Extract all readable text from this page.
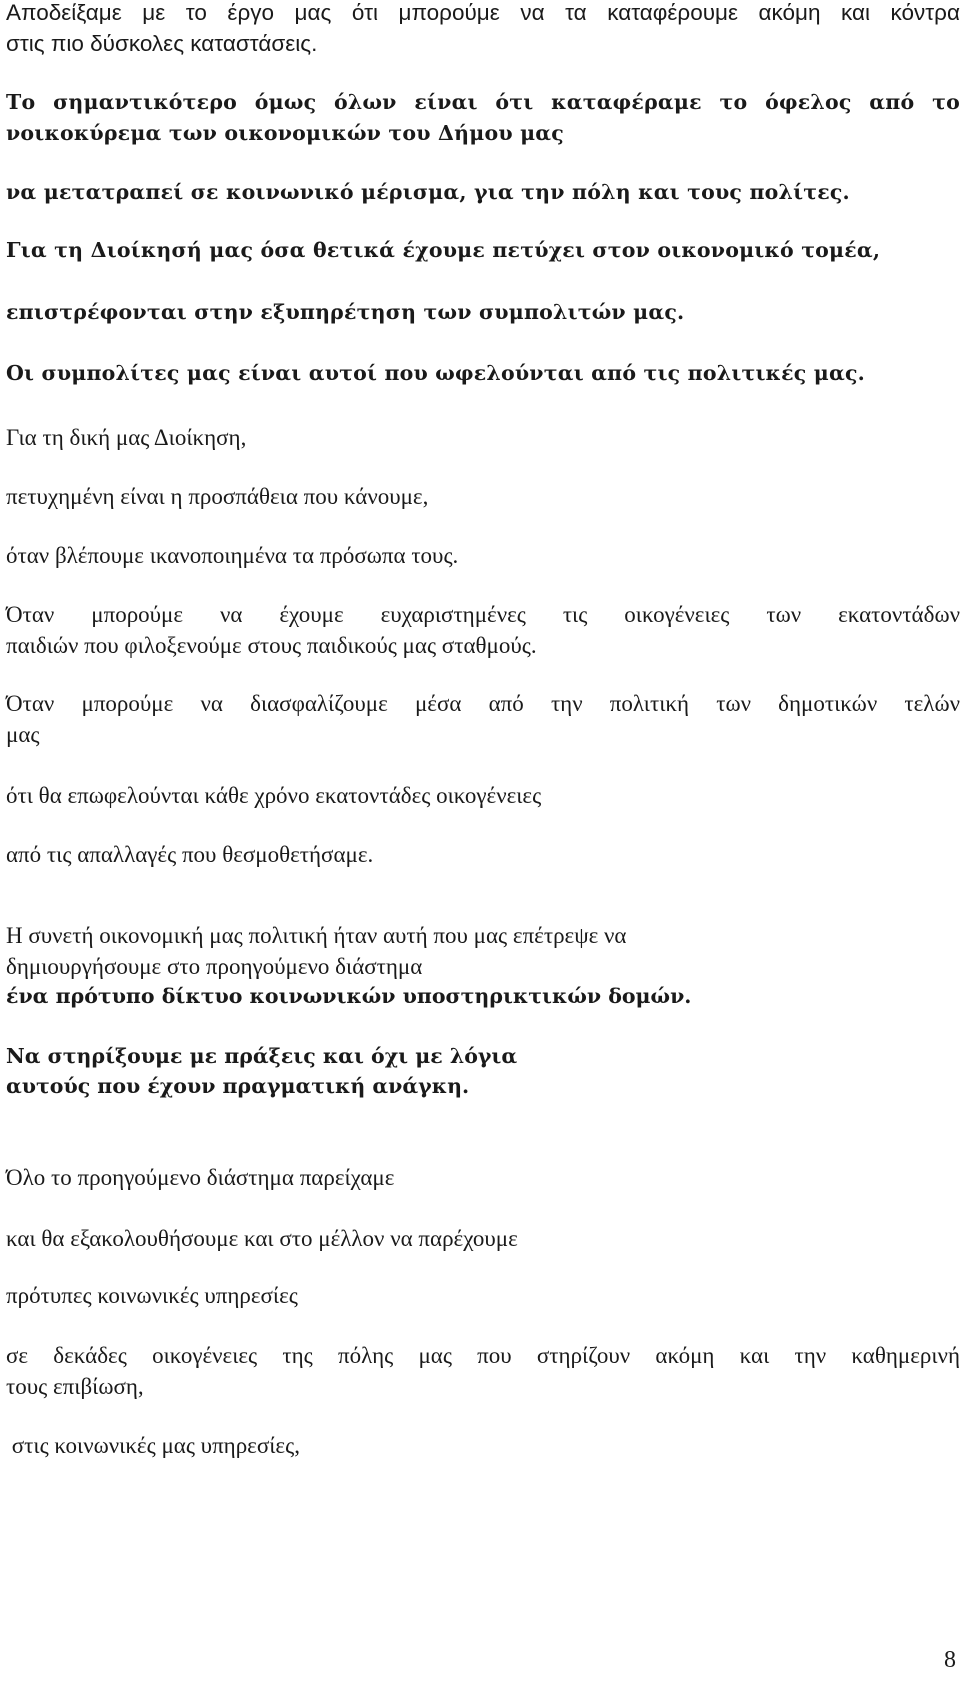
Αποδείξαμε με το έργο μας ότι μπορούμε να τα καταφέρουμε ακόμη και κόντρα
στις πιο δύσκολες καταστάσεις.
Το σημαντικότερο όμως όλων είναι ότι καταφέραμε το όφελος από το
νοικοκύρεμα των οικονομικών του Δήμου μας
να μετατραπεί σε κοινωνικό μέρισμα, για την πόλη και τους πολίτες.
Για τη Διοίκησή μας όσα θετικά έχουμε πετύχει στον οικονομικό τομέα,
επιστρέφονται στην εξυπηρέτηση των συμπολιτών μας.
Οι συμπολίτες μας είναι αυτοί που ωφελούνται από τις πολιτικές μας.
Για τη δική μας Διοίκηση,
πετυχημένη είναι η προσπάθεια που κάνουμε,
όταν βλέπουμε ικανοποιημένα τα πρόσωπα τους.
Όταν μπορούμε να έχουμε ευχαριστημένες τις οικογένειες των εκατοντάδων
παιδιών που φιλοξενούμε στους παιδικούς μας σταθμούς.
Όταν μπορούμε να διασφαλίζουμε μέσα από την πολιτική των δημοτικών τελών
μας
ότι θα επωφελούνται κάθε χρόνο εκατοντάδες οικογένειες
από τις απαλλαγές που θεσμοθετήσαμε.
Η συνετή οικονομική μας πολιτική ήταν αυτή που μας επέτρεψε να
δημιουργήσουμε στο προηγούμενο διάστημα
ένα πρότυπο δίκτυο κοινωνικών υποστηρικτικών δομών.
Να στηρίξουμε με πράξεις και όχι με λόγια
αυτούς που έχουν πραγματική ανάγκη.
Όλο το προηγούμενο διάστημα παρείχαμε
και θα εξακολουθήσουμε και στο μέλλον να παρέχουμε
πρότυπες κοινωνικές υπηρεσίες
σε δεκάδες οικογένειες της πόλης μας που στηρίζουν ακόμη και την καθημερινή
τους επιβίωση,
στις κοινωνικές μας υπηρεσίες,
8
